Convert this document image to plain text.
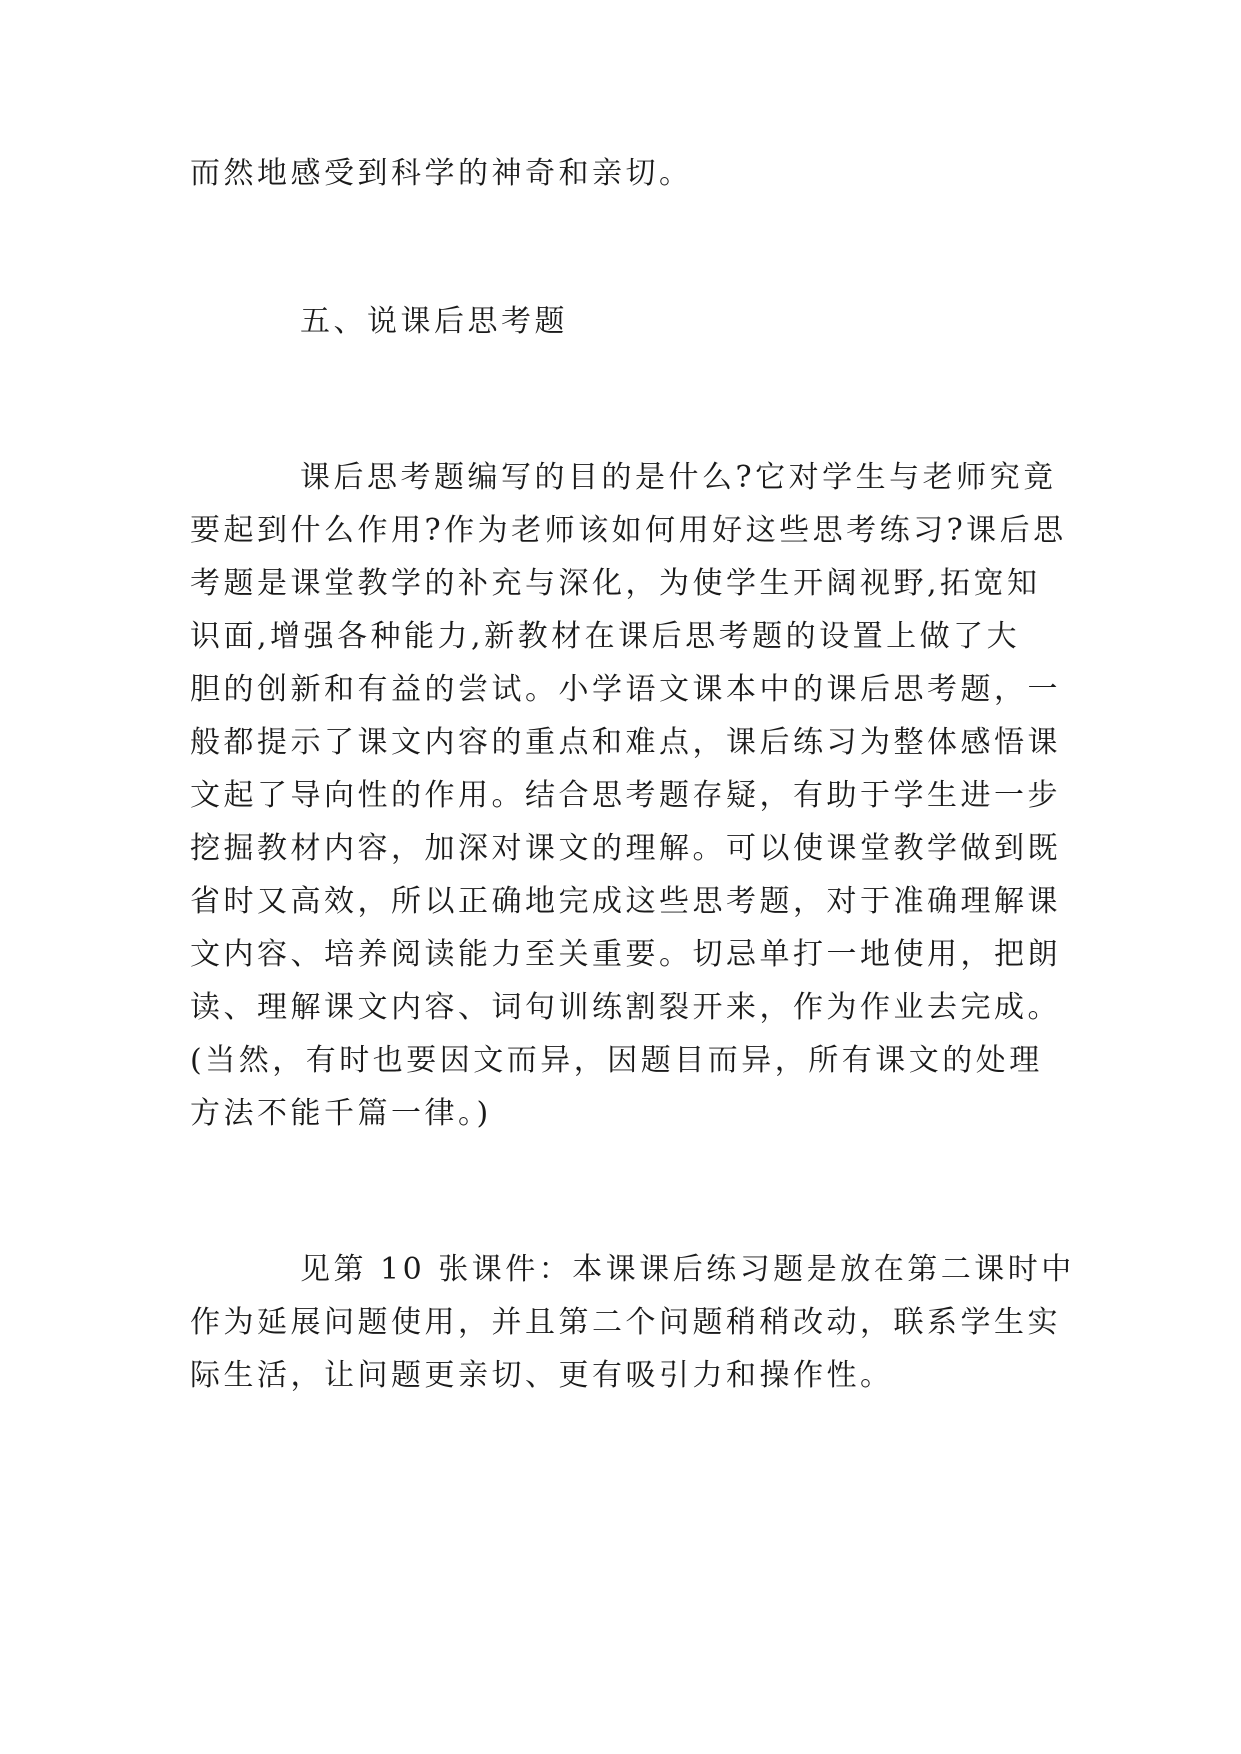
而然地感受到科学的神奇和亲切。
五、说课后思考题
课后思考题编写的目的是什么?它对学生与老师究竟
要起到什么作用?作为老师该如何用好这些思考练习?课后思
考题是课堂教学的补充与深化，为使学生开阔视野,拓宽知
识面,增强各种能力,新教材在课后思考题的设置上做了大
胆的创新和有益的尝试。小学语文课本中的课后思考题，一
般都提示了课文内容的重点和难点，课后练习为整体感悟课
文起了导向性的作用。结合思考题存疑，有助于学生进一步
挖掘教材内容，加深对课文的理解。可以使课堂教学做到既
省时又高效，所以正确地完成这些思考题，对于准确理解课
文内容、培养阅读能力至关重要。切忌单打一地使用，把朗
读、理解课文内容、词句训练割裂开来，作为作业去完成。
(当然，有时也要因文而异，因题目而异，所有课文的处理
方法不能千篇一律。)
见第 10 张课件：本课课后练习题是放在第二课时中
作为延展问题使用，并且第二个问题稍稍改动，联系学生实
际生活，让问题更亲切、更有吸引力和操作性。
